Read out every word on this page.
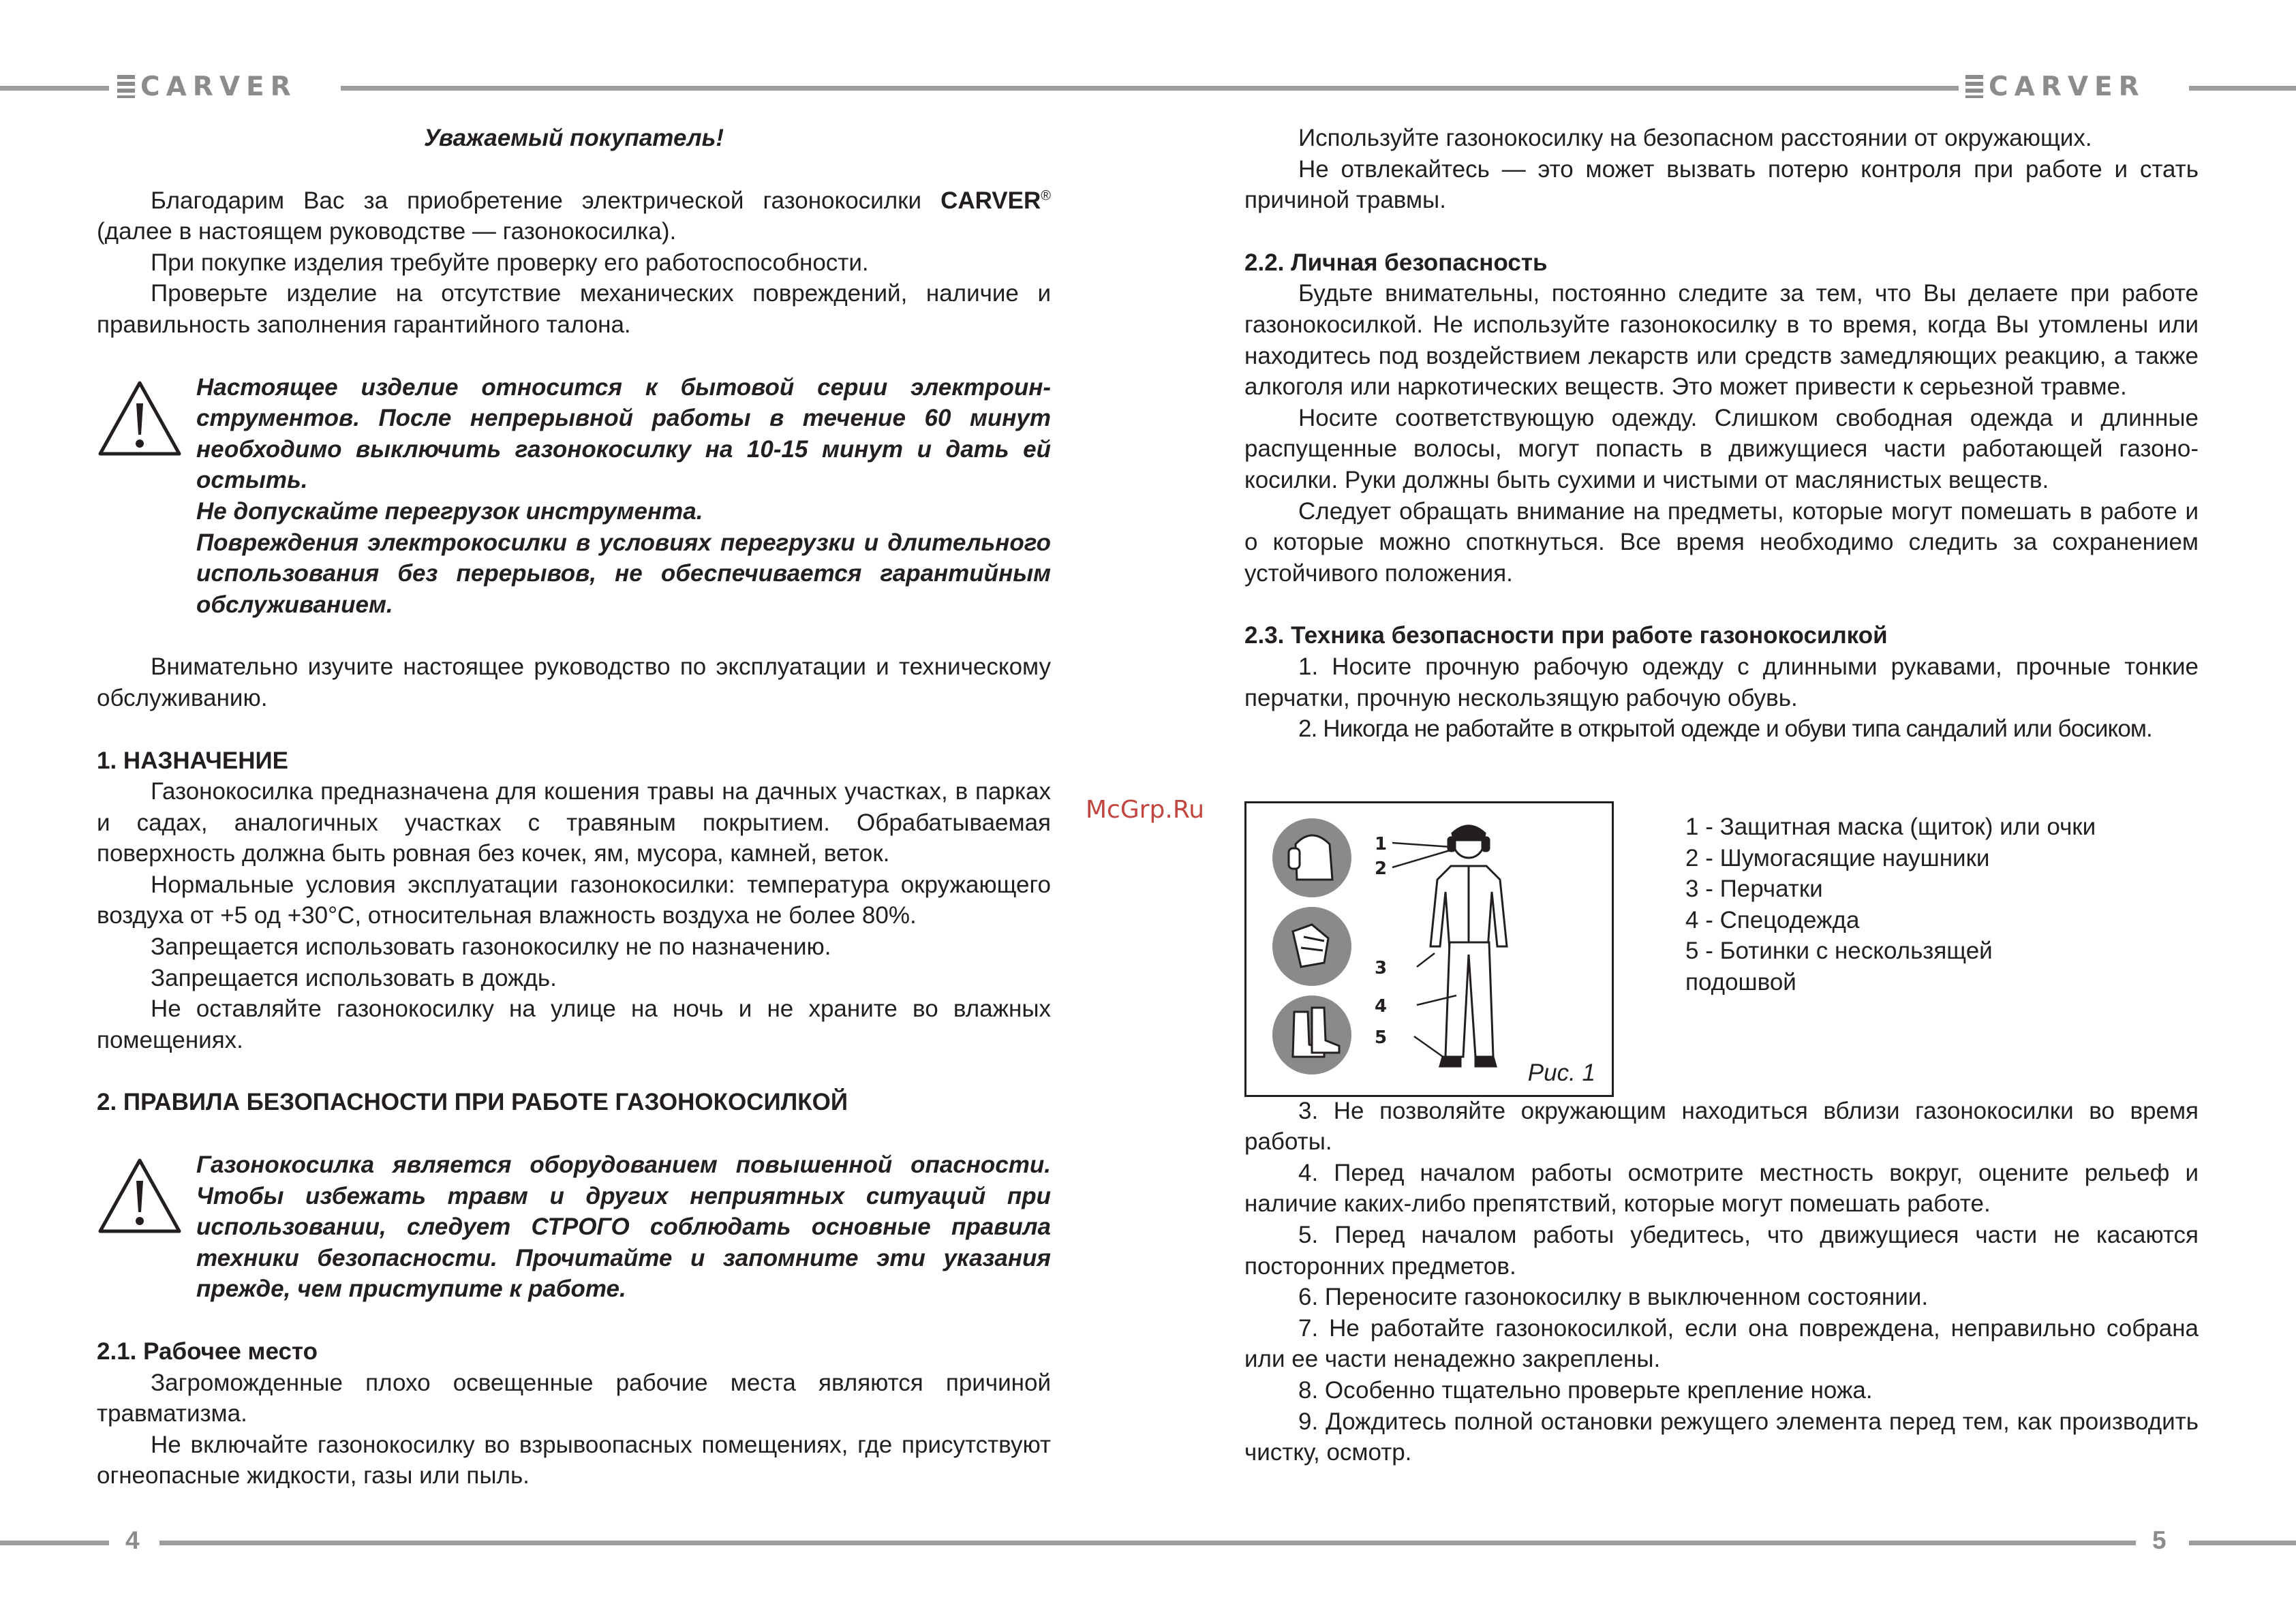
CARVER	CARVER
4	5
McGrp.Ru

Уважаемый покупатель!

Благодарим Вас за приобретение электрической газонокосилки CARVER® (далее в настоящем руководстве — газонокосилка).

При покупке изделия требуйте проверку его работоспособности.

Проверьте изделие на отсутствие механических повреждений, наличие и правильность заполнения гарантийного талона.

Настоящее изделие относится к бытовой серии электроинструментов. После непрерывной работы в течение 60 минут необходимо выключить газонокосилку на 10-15 минут и дать ей остыть.

Не допускайте перегрузок инструмента.

Повреждения электрокосилки в условиях перегрузки и длительного использования без перерывов, не обеспечивается гарантийным обслуживанием.

Внимательно изучите настоящее руководство по эксплуатации и техническому обслуживанию.

1. НАЗНАЧЕНИЕ

Газонокосилка предназначена для кошения травы на дачных участках, в парках и садах, аналогичных участках с травяным покрытием. Обрабатываемая поверхность должна быть ровная без кочек, ям, мусора, камней, веток.

Нормальные условия эксплуатации газонокосилки: температура окружающего воздуха от +5 од +30°С, относительная влажность воздуха не более 80%.

Запрещается использовать газонокосилку не по назначению.

Запрещается использовать в дождь.

Не оставляйте газонокосилку на улице на ночь и не храните во влажных помещениях.

2. ПРАВИЛА БЕЗОПАСНОСТИ ПРИ РАБОТЕ ГАЗОНОКОСИЛКОЙ

Газонокосилка является оборудованием повышенной опасности. Чтобы избежать травм и других неприятных ситуаций при использовании, следует СТРОГО соблюдать основные правила техники безопасности. Прочитайте и запомните эти указания прежде, чем приступите к работе.

2.1. Рабочее место

Загроможденные плохо освещенные рабочие места являются причиной травматизма.

Не включайте газонокосилку во взрывоопасных помещениях, где присутствуют огнеопасные жидкости, газы или пыль.

Используйте газонокосилку на безопасном расстоянии от окружающих.

Не отвлекайтесь — это может вызвать потерю контроля при работе и стать причиной травмы.

2.2. Личная безопасность

Будьте внимательны, постоянно следите за тем, что Вы делаете при работе газонокосилкой. Не используйте газонокосилку в то время, когда Вы утомлены или находитесь под воздействием лекарств или средств замедляющих реакцию, а также алкоголя или наркотических веществ. Это может привести к серьезной травме.

Носите соответствующую одежду. Слишком свободная одежда и длинные распущенные волосы, могут попасть в движущиеся части работающей газонокосилки. Руки должны быть сухими и чистыми от маслянистых веществ.

Следует обращать внимание на предметы, которые могут помешать в работе и о которые можно споткнуться. Все время необходимо следить за сохранением устойчивого положения.

2.3. Техника безопасности при работе газонокосилкой

1. Носите прочную рабочую одежду с длинными рукавами, прочные тонкие перчатки, прочную нескользящую рабочую обувь.

2. Никогда не работайте в открытой одежде и обуви типа сандалий или босиком.

3. Не позволяйте окружающим находиться вблизи газонокосилки во время работы.

4. Перед началом работы осмотрите местность вокруг, оцените рельеф и наличие каких-либо препятствий, которые могут помешать работе.

5. Перед началом работы убедитесь, что движущиеся части не касаются посторонних предметов.

6. Переносите газонокосилку в выключенном состоянии.

7. Не работайте газонокосилкой, если она повреждена, неправильно собрана или ее части ненадежно закреплены.

8. Особенно тщательно проверьте крепление ножа.

9. Дождитесь полной остановки режущего элемента перед тем, как производить чистку, осмотр.

1
2
3
4
5
Рис. 1
1 - Защитная маска (щиток) или очки
2 - Шумогасящие наушники
3 - Перчатки
4 - Спецодежда
5 - Ботинки с нескользящей подошвой
